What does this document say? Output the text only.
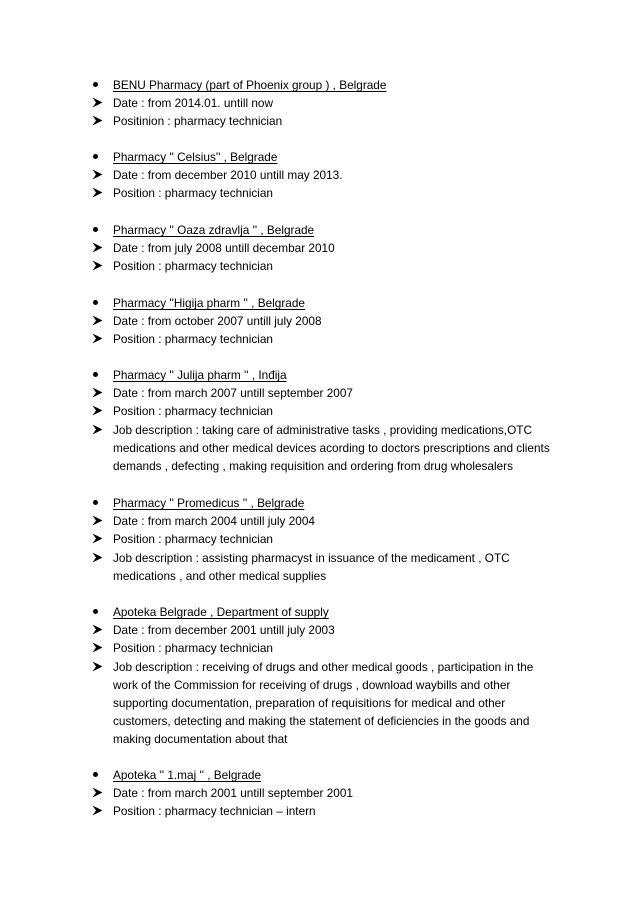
BENU Pharmacy (part of Phoenix group ) , Belgrade
Date : from 2014.01. untill now
Positinion : pharmacy technician
Pharmacy '' Celsius'' , Belgrade
Date : from december 2010 untill may 2013.
Position : pharmacy technician
Pharmacy '' Oaza zdravlja '' , Belgrade
Date : from july 2008 untill decembar 2010
Position : pharmacy technician
Pharmacy ''Higija pharm '' , Belgrade
Date : from october 2007 untill july 2008
Position : pharmacy technician
Pharmacy '' Julija pharm '' , Inđija
Date : from march 2007 untill september 2007
Position : pharmacy technician
Job description : taking care of administrative tasks , providing medications,OTC
medications and other medical devices acording to doctors prescriptions and clients
demands , defecting , making requisition and ordering from drug wholesalers
Pharmacy '' Promedicus '' , Belgrade
Date : from march 2004 untill july 2004
Position : pharmacy technician
Job description : assisting pharmacyst in issuance of the medicament , OTC
medications , and other medical supplies
Apoteka Belgrade , Department of supply
Date : from december 2001 untill july 2003
Position : pharmacy technician
Job description : receiving of drugs and other medical goods , participation in the
work of the Commission for receiving of drugs , download waybills and other
supporting documentation, preparation of requisitions for medical and other
customers, detecting and making the statement of deficiencies in the goods and
making documentation about that
Apoteka '' 1.maj '' , Belgrade
Date : from march 2001 untill september 2001
Position : pharmacy technician – intern
